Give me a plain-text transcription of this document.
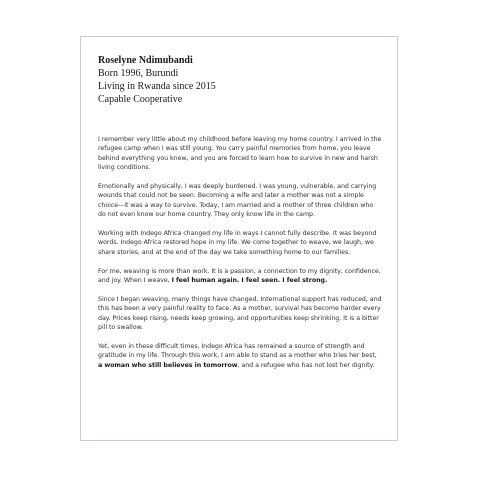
Roselyne Ndimubandi

Born 1996, Burundi

Living in Rwanda since 2015

Capable Cooperative

I remember very little about my childhood before leaving my home country. I arrived in the refugee camp when I was still young. You carry painful memories from home, you leave behind everything you knew, and you are forced to learn how to survive in new and harsh living conditions.

Emotionally and physically, I was deeply burdened. I was young, vulnerable, and carrying wounds that could not be seen. Becoming a wife and later a mother was not a simple choice—it was a way to survive. Today, I am married and a mother of three children who do not even know our home country. They only know life in the camp.

Working with Indego Africa changed my life in ways I cannot fully describe. It was beyond words. Indego Africa restored hope in my life. We come together to weave, we laugh, we share stories, and at the end of the day we take something home to our families.

For me, weaving is more than work. It is a passion, a connection to my dignity, confidence, and joy. When I weave, I feel human again. I feel seen. I feel strong.

Since I began weaving, many things have changed. International support has reduced, and this has been a very painful reality to face. As a mother, survival has become harder every day. Prices keep rising, needs keep growing, and opportunities keep shrinking. It is a bitter pill to swallow.

Yet, even in these difficult times, Indego Africa has remained a source of strength and gratitude in my life. Through this work, I am able to stand as a mother who tries her best, a woman who still believes in tomorrow, and a refugee who has not lost her dignity.
